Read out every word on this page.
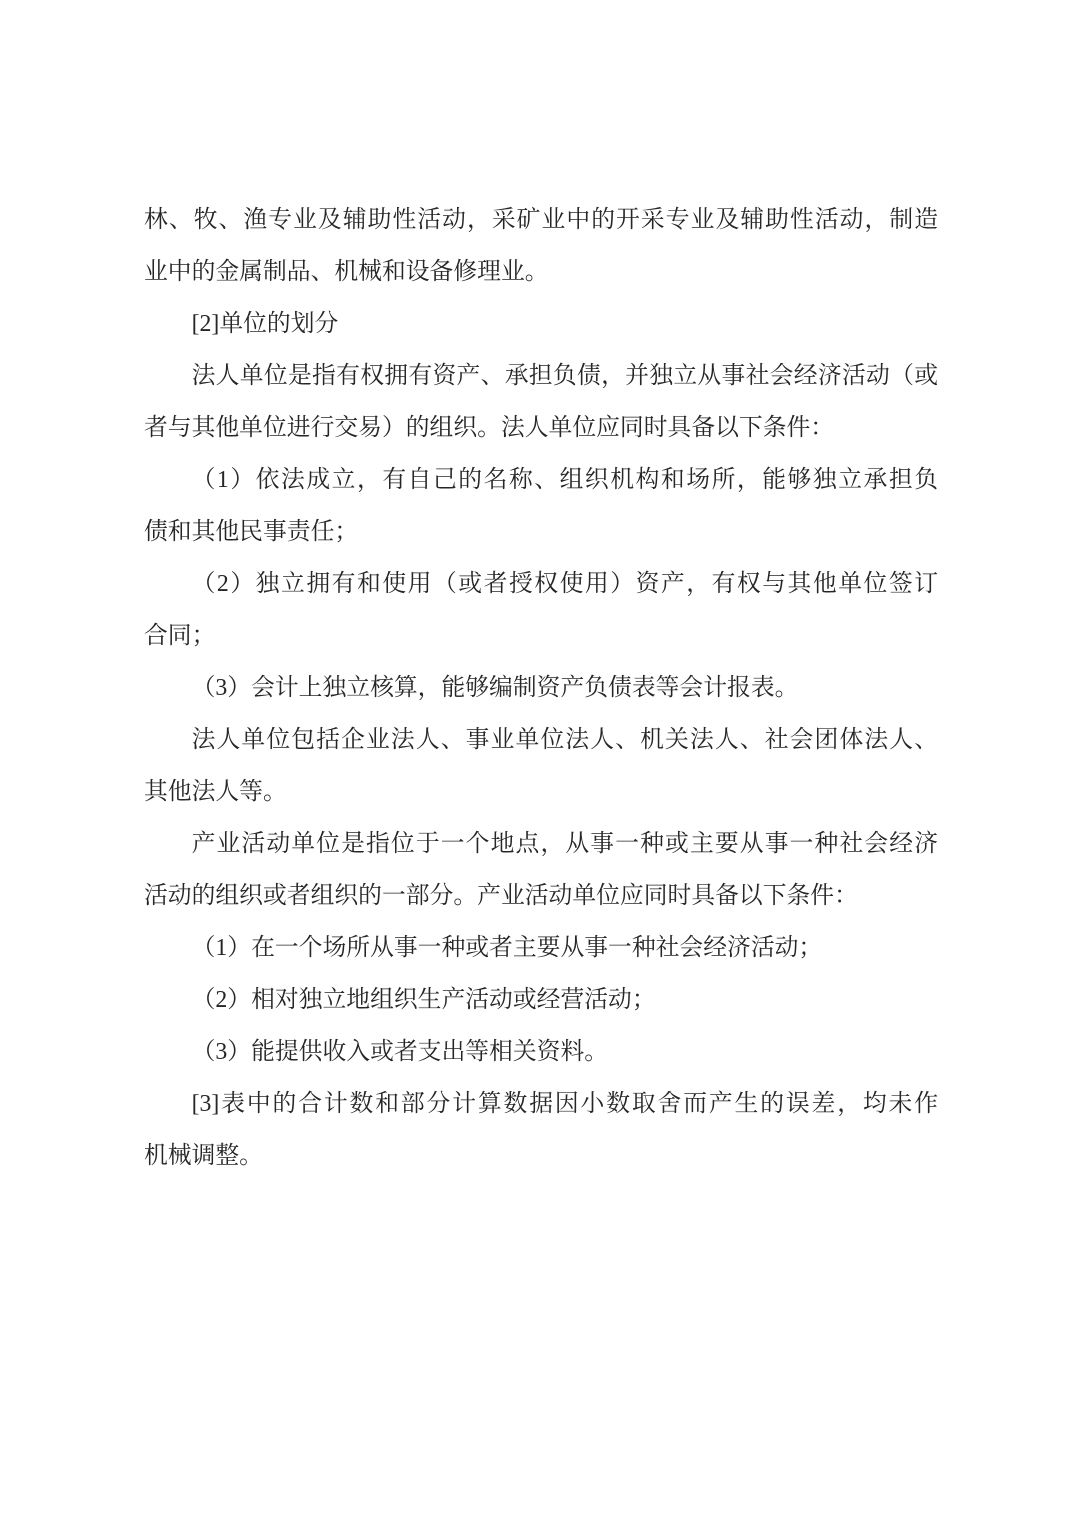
林、牧、渔专业及辅助性活动，采矿业中的开采专业及辅助性活动，制造
业中的金属制品、机械和设备修理业。
[2]单位的划分
法人单位是指有权拥有资产、承担负债，并独立从事社会经济活动（或
者与其他单位进行交易）的组织。法人单位应同时具备以下条件：
（1）依法成立，有自己的名称、组织机构和场所，能够独立承担负
债和其他民事责任；
（2）独立拥有和使用（或者授权使用）资产，有权与其他单位签订
合同；
（3）会计上独立核算，能够编制资产负债表等会计报表。
法人单位包括企业法人、事业单位法人、机关法人、社会团体法人、
其他法人等。
产业活动单位是指位于一个地点，从事一种或主要从事一种社会经济
活动的组织或者组织的一部分。产业活动单位应同时具备以下条件：
（1）在一个场所从事一种或者主要从事一种社会经济活动；
（2）相对独立地组织生产活动或经营活动；
（3）能提供收入或者支出等相关资料。
[3]表中的合计数和部分计算数据因小数取舍而产生的误差，均未作
机械调整。
